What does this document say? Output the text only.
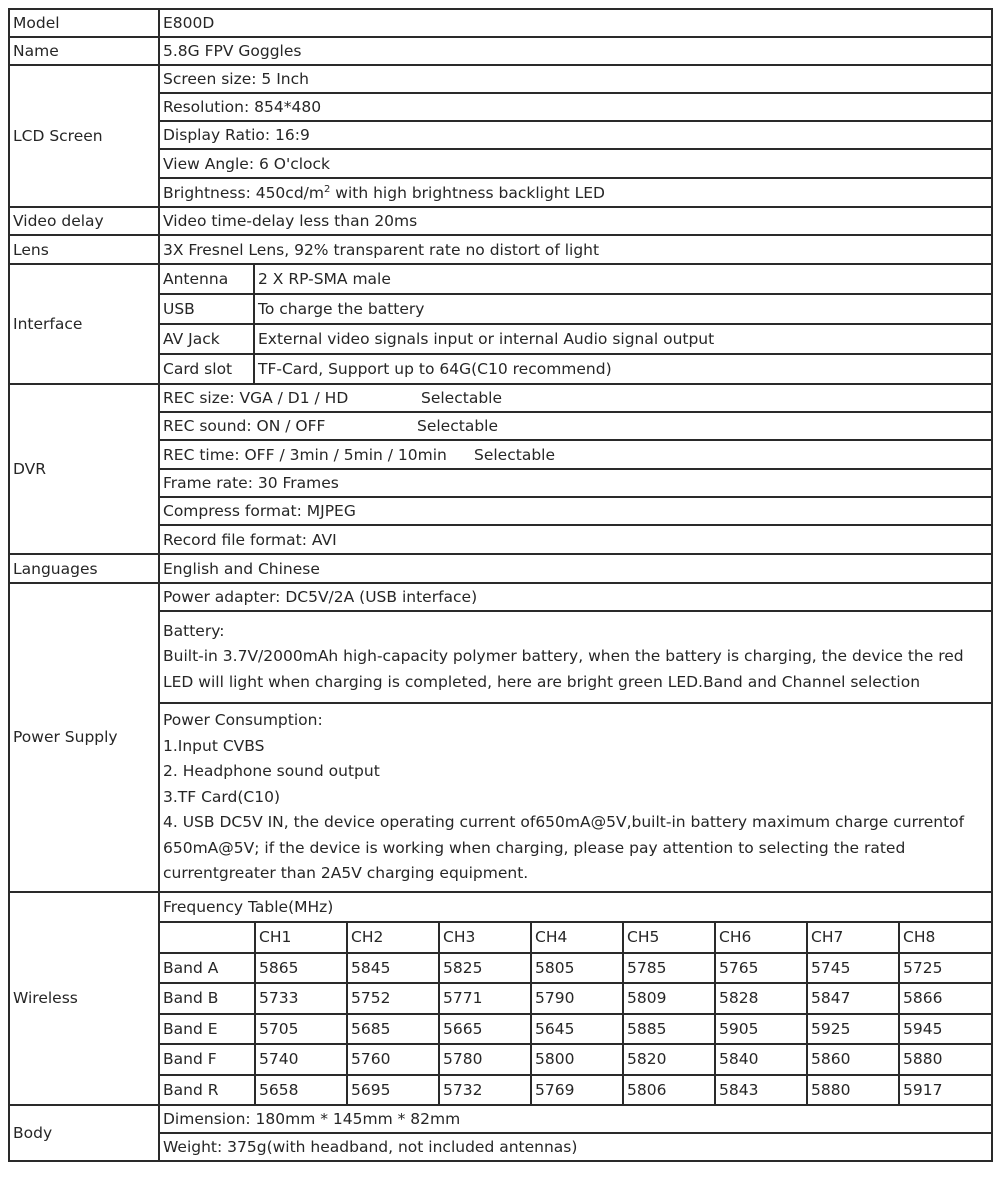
Model	E800D
Name	5.8G FPV Goggles
LCD Screen	Screen size: 5 Inch
Resolution: 854*480
Display Ratio: 16:9
View Angle: 6 O'clock
Brightness: $450cd/m^2$ with high brightness backlight LED
Video delay	Video time-delay less than 20ms
Lens	3X Fresnel Lens, 92% transparent rate no distort of light
Interface	
Antenna	2 X RP-SMA male
USB	To charge the battery
AV Jack	External video signals input or internal Audio signal output
Card slot	TF-Card, Support up to 64G(C10 recommend)

DVR	REC size: VGA / D1 / HD	Selectable
REC sound: ON / OFF	Selectable
REC time: OFF / 3min / 5min / 10min Selectable
Frame rate: 30 Frames
Compress format: MJPEG
Record file format: AVI
Languages	English and Chinese
Power Supply	Power adapter: DC5V/2A (USB interface)

Battery:
Built-in 3.7V/2000mAh high-capacity polymer battery, when the battery is charging, the device the red LED will light when charging is completed, here are bright green LED.Band and Channel selection

Power Consumption:
1.Input CVBS
2. Headphone sound output
3.TF Card(C10)
4. USB DC5V IN, the device operating current of650mA@5V,built-in battery maximum charge currentof 650mA@5V; if the device is working when charging, please pay attention to selecting the rated currentgreater than 2A5V charging equipment.

Wireless	
Frequency Table(MHz)
	CH1	CH2	CH3	CH4	CH5	CH6	CH7	CH8
Band A	5865	5845	5825	5805	5785	5765	5745	5725
Band B	5733	5752	5771	5790	5809	5828	5847	5866
Band E	5705	5685	5665	5645	5885	5905	5925	5945
Band F	5740	5760	5780	5800	5820	5840	5860	5880
Band R	5658	5695	5732	5769	5806	5843	5880	5917

Body	Dimension: 180mm * 145mm * 82mm
Weight: 375g(with headband, not included antennas)
